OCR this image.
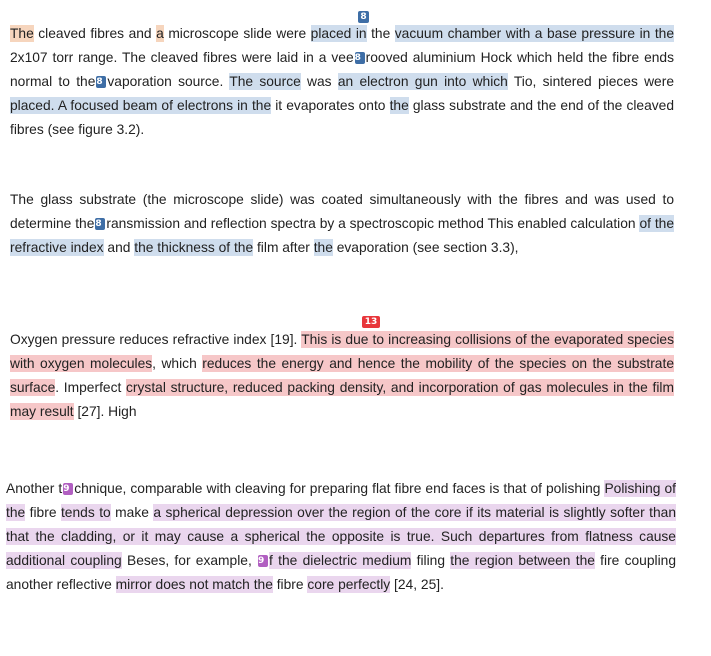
8
13

The cleaved fibres and a microscope slide were placed in the vacuum chamber with a base pressure in the 2x107 torr range. The cleaved fibres were laid in a vee8 rooved aluminium Hock which held the fibre ends normal to the8 vaporation source. The source was an electron gun into which Tio, sintered pieces were placed. A focused beam of electrons in the it evaporates onto the glass substrate and the end of the cleaved fibres (see figure 3.2).

The glass substrate (the microscope slide) was coated simultaneously with the fibres and was used to determine the8 ransmission and reflection spectra by a spectroscopic method This enabled calculation of the refractive index and the thickness of the film after the evaporation (see section 3.3),

Oxygen pressure reduces refractive index [19]. This is due to increasing collisions of the evaporated species with oxygen molecules, which reduces the energy and hence the mobility of the species on the substrate surface. Imperfect crystal structure, reduced packing density, and incorporation of gas molecules in the film may result [27]. High

Another t9 chnique, comparable with cleaving for preparing flat fibre end faces is that of polishing Polishing of the fibre tends to make a spherical depression over the region of the core if its material is slightly softer than that the cladding, or it may cause a spherical the opposite is true. Such departures from flatness cause additional coupling Beses, for example, 9 f the dielectric medium filing the region between the fire coupling another reflective mirror does not match the fibre core perfectly [24, 25].
